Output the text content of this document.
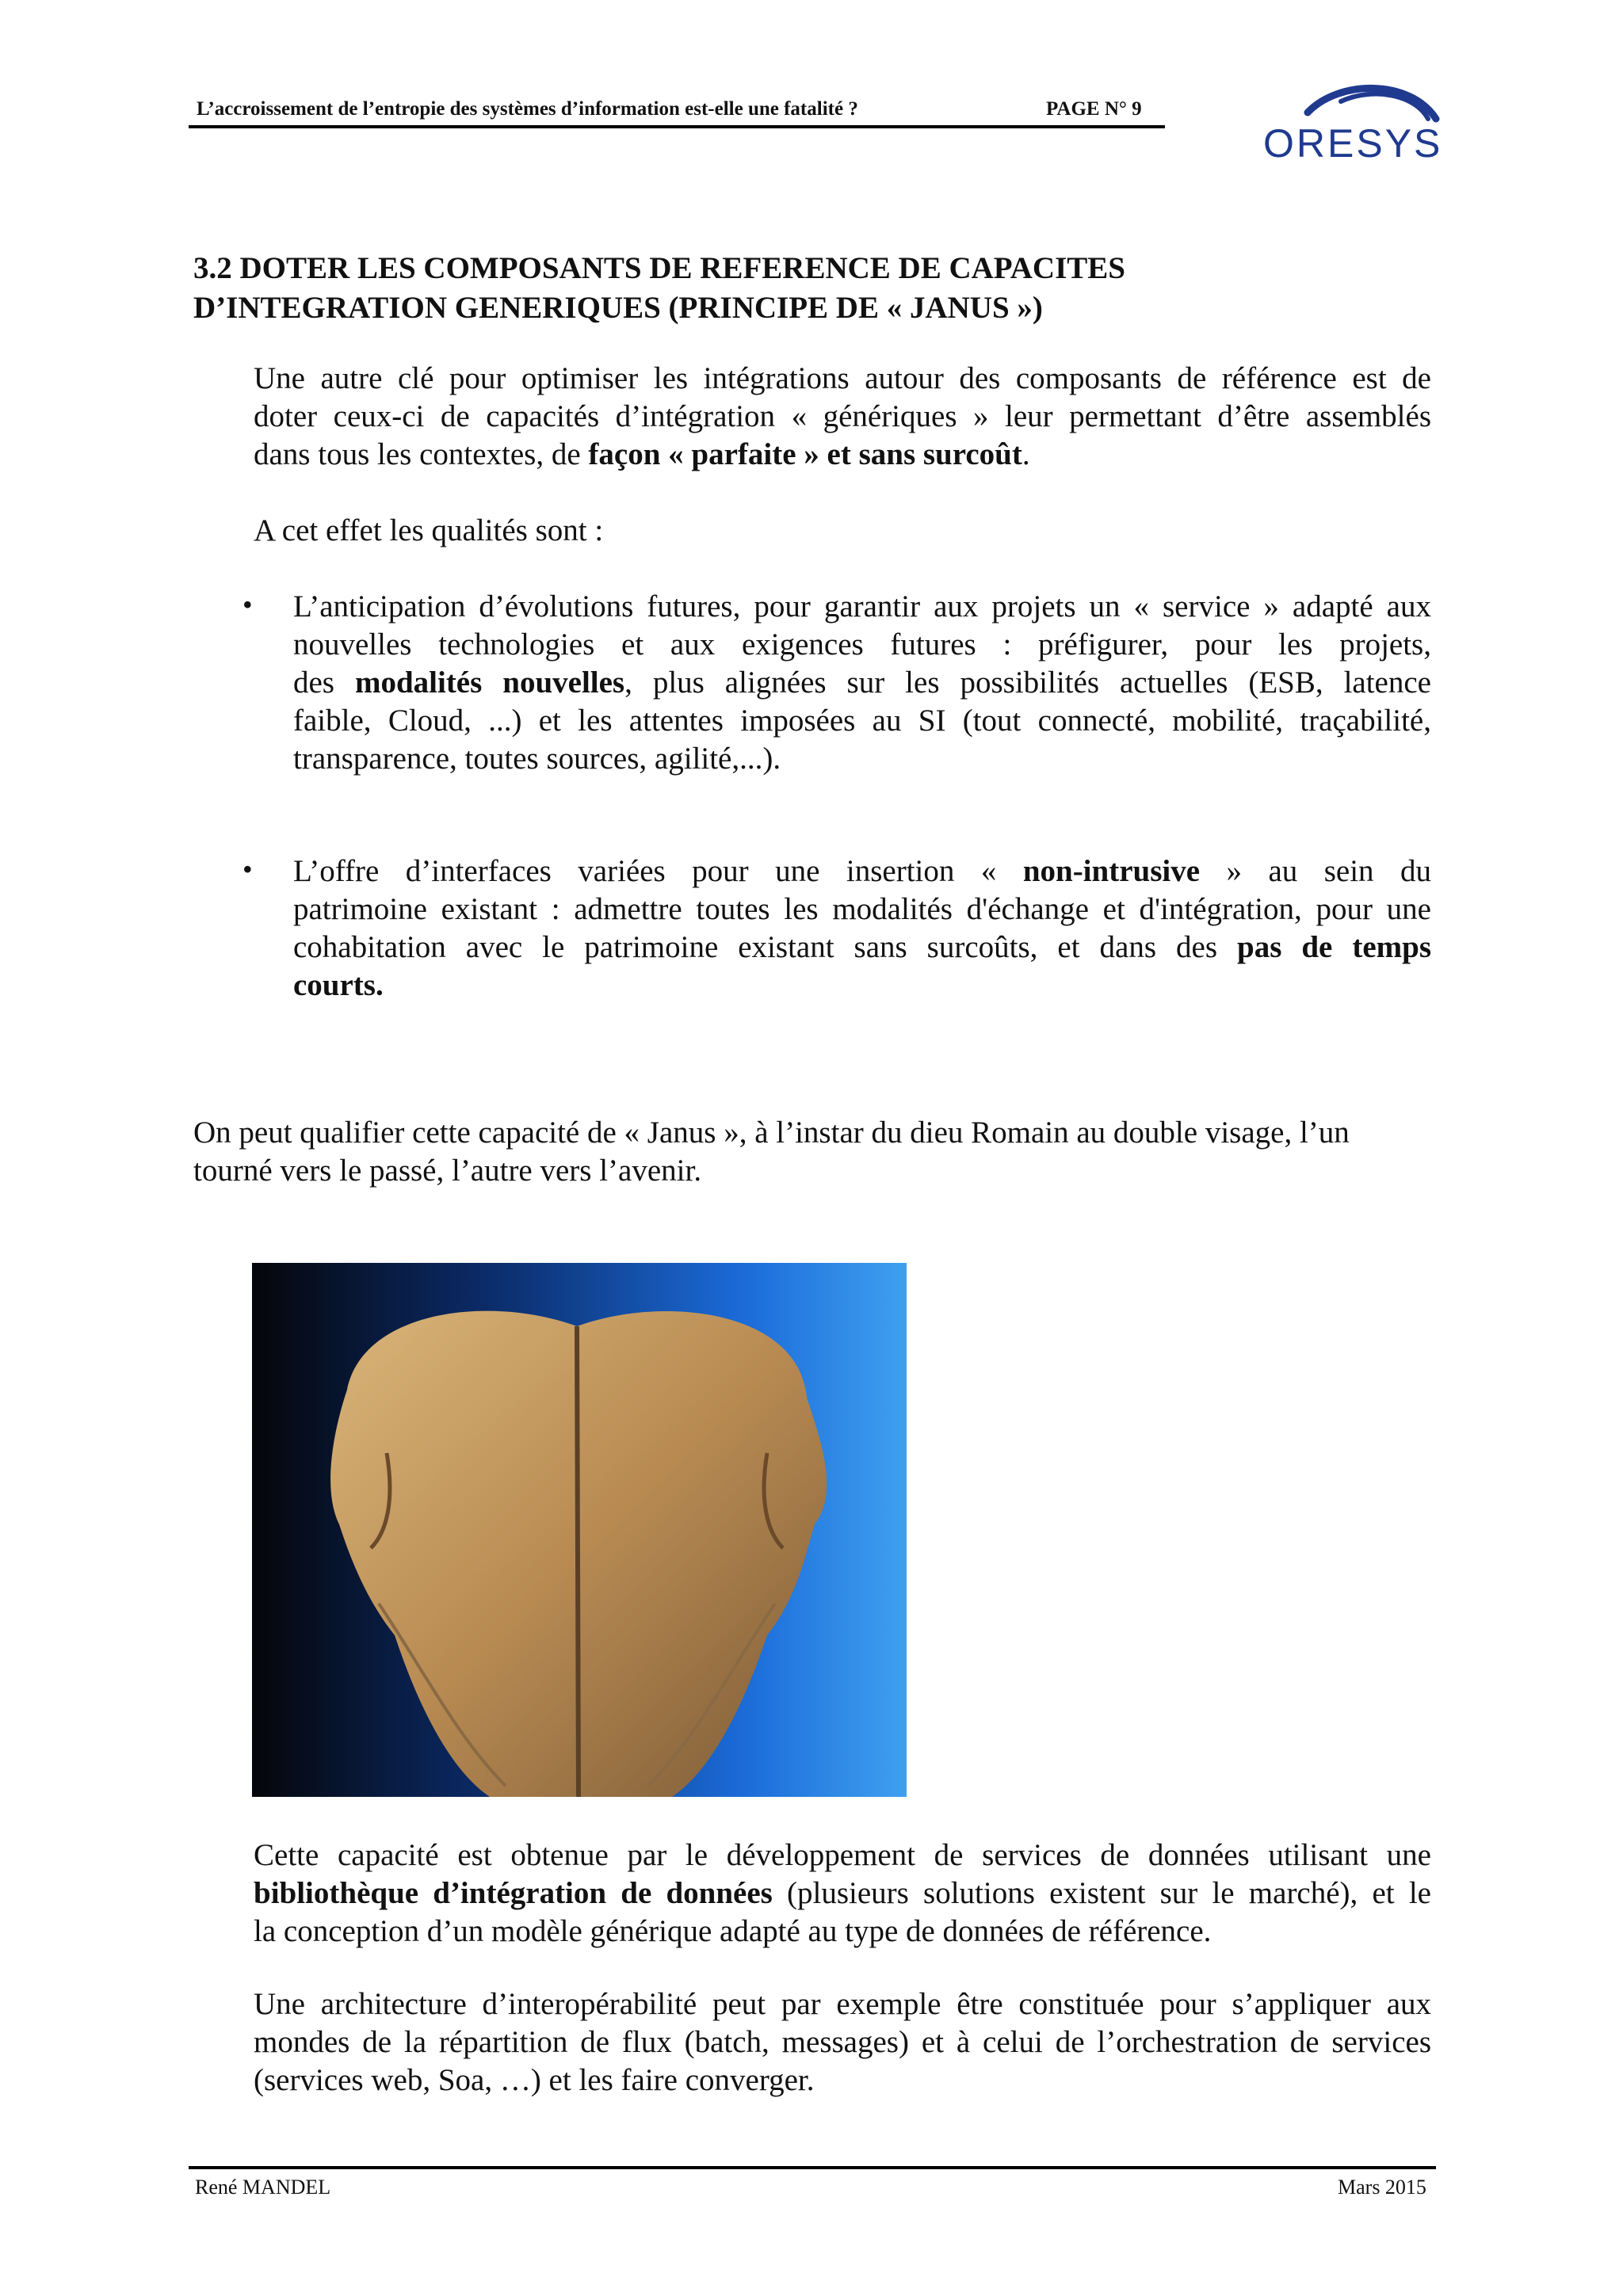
L’accroissement de l’entropie des systèmes d’information est-elle une fatalité ?	PAGE N° 9
ORESYS
3.2 DOTER LES COMPOSANTS DE REFERENCE DE CAPACITES
D’INTEGRATION GENERIQUES (PRINCIPE DE « JANUS »)
Une autre clé pour optimiser les intégrations autour des composants de référence est de
doter ceux-ci de capacités d’intégration « génériques » leur permettant d’être assemblés
dans tous les contextes, de façon « parfaite » et sans surcoût.
A cet effet les qualités sont :
• L’anticipation d’évolutions futures, pour garantir aux projets un « service » adapté aux
nouvelles technologies et aux exigences futures : préfigurer, pour les projets,
des modalités nouvelles, plus alignées sur les possibilités actuelles (ESB, latence
faible, Cloud, ...) et les attentes imposées au SI (tout connecté, mobilité, traçabilité,
transparence, toutes sources, agilité,...).
• L’offre d’interfaces variées pour une insertion « non-intrusive » au sein du
patrimoine existant : admettre toutes les modalités d'échange et d'intégration, pour une
cohabitation avec le patrimoine existant sans surcoûts, et dans des pas de temps
courts.
On peut qualifier cette capacité de « Janus », à l’instar du dieu Romain au double visage, l’un
tourné vers le passé, l’autre vers l’avenir.
Cette capacité est obtenue par le développement de services de données utilisant une
bibliothèque d’intégration de données (plusieurs solutions existent sur le marché), et le
la conception d’un modèle générique adapté au type de données de référence.
Une architecture d’interopérabilité peut par exemple être constituée pour s’appliquer aux
mondes de la répartition de flux (batch, messages) et à celui de l’orchestration de services
(services web, Soa, …) et les faire converger.
René MANDEL	Mars 2015
